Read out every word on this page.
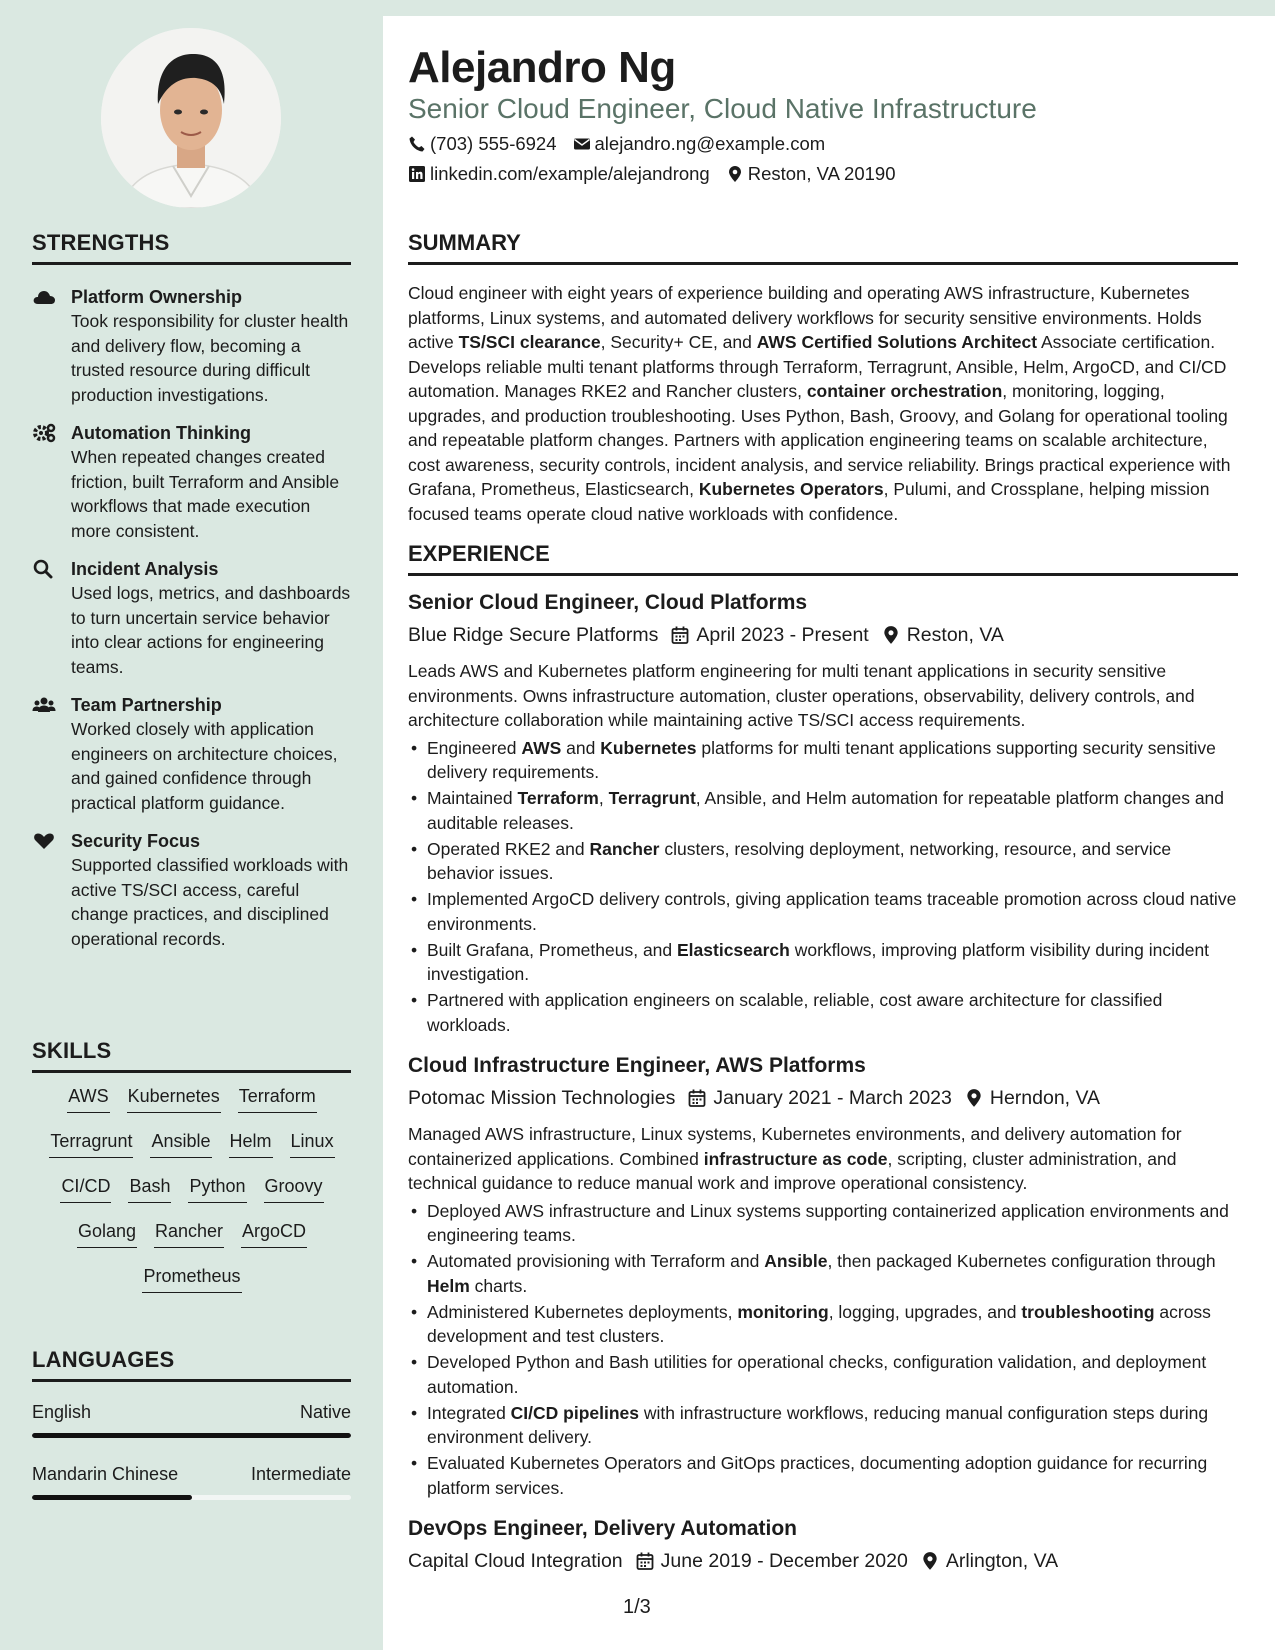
STRENGTHS
Platform Ownership
Took responsibility for cluster health and delivery flow, becoming a trusted resource during difficult production investigations.
Automation Thinking
When repeated changes created friction, built Terraform and Ansible workflows that made execution more consistent.
Incident Analysis
Used logs, metrics, and dashboards to turn uncertain service behavior into clear actions for engineering teams.
Team Partnership
Worked closely with application engineers on architecture choices, and gained confidence through practical platform guidance.
Security Focus
Supported classified workloads with active TS/SCI access, careful change practices, and disciplined operational records.
SKILLS
AWS Kubernetes Terraform
Terragrunt Ansible Helm Linux
CI/CD Bash Python Groovy
Golang Rancher ArgoCD
Prometheus
LANGUAGES
English	Native
Mandarin Chinese	Intermediate
Alejandro Ng
Senior Cloud Engineer, Cloud Native Infrastructure
(703) 555-6924 alejandro.ng@example.com
linkedin.com/example/alejandrong Reston, VA 20190
SUMMARY

Cloud engineer with eight years of experience building and operating AWS infrastructure, Kubernetes platforms, Linux systems, and automated delivery workflows for security sensitive environments. Holds active TS/SCI clearance, Security+ CE, and AWS Certified Solutions Architect Associate certification. Develops reliable multi tenant platforms through Terraform, Terragrunt, Ansible, Helm, ArgoCD, and CI/CD automation. Manages RKE2 and Rancher clusters, container orchestration, monitoring, logging, upgrades, and production troubleshooting. Uses Python, Bash, Groovy, and Golang for operational tooling and repeatable platform changes. Partners with application engineering teams on scalable architecture, cost awareness, security controls, incident analysis, and service reliability. Brings practical experience with Grafana, Prometheus, Elasticsearch, Kubernetes Operators, Pulumi, and Crossplane, helping mission focused teams operate cloud native workloads with confidence.

EXPERIENCE
Senior Cloud Engineer, Cloud Platforms
Blue Ridge Secure Platforms April 2023 - Present Reston, VA
Leads AWS and Kubernetes platform engineering for multi tenant applications in security sensitive environments. Owns infrastructure automation, cluster operations, observability, delivery controls, and architecture collaboration while maintaining active TS/SCI access requirements.
• Engineered AWS and Kubernetes platforms for multi tenant applications supporting security sensitive delivery requirements.
• Maintained Terraform, Terragrunt, Ansible, and Helm automation for repeatable platform changes and auditable releases.
• Operated RKE2 and Rancher clusters, resolving deployment, networking, resource, and service behavior issues.
• Implemented ArgoCD delivery controls, giving application teams traceable promotion across cloud native environments.
• Built Grafana, Prometheus, and Elasticsearch workflows, improving platform visibility during incident investigation.
• Partnered with application engineers on scalable, reliable, cost aware architecture for classified workloads.
Cloud Infrastructure Engineer, AWS Platforms
Potomac Mission Technologies January 2021 - March 2023 Herndon, VA
Managed AWS infrastructure, Linux systems, Kubernetes environments, and delivery automation for containerized applications. Combined infrastructure as code, scripting, cluster administration, and technical guidance to reduce manual work and improve operational consistency.
• Deployed AWS infrastructure and Linux systems supporting containerized application environments and engineering teams.
• Automated provisioning with Terraform and Ansible, then packaged Kubernetes configuration through Helm charts.
• Administered Kubernetes deployments, monitoring, logging, upgrades, and troubleshooting across development and test clusters.
• Developed Python and Bash utilities for operational checks, configuration validation, and deployment automation.
• Integrated CI/CD pipelines with infrastructure workflows, reducing manual configuration steps during environment delivery.
• Evaluated Kubernetes Operators and GitOps practices, documenting adoption guidance for recurring platform services.
DevOps Engineer, Delivery Automation
Capital Cloud Integration June 2019 - December 2020 Arlington, VA
1/3
